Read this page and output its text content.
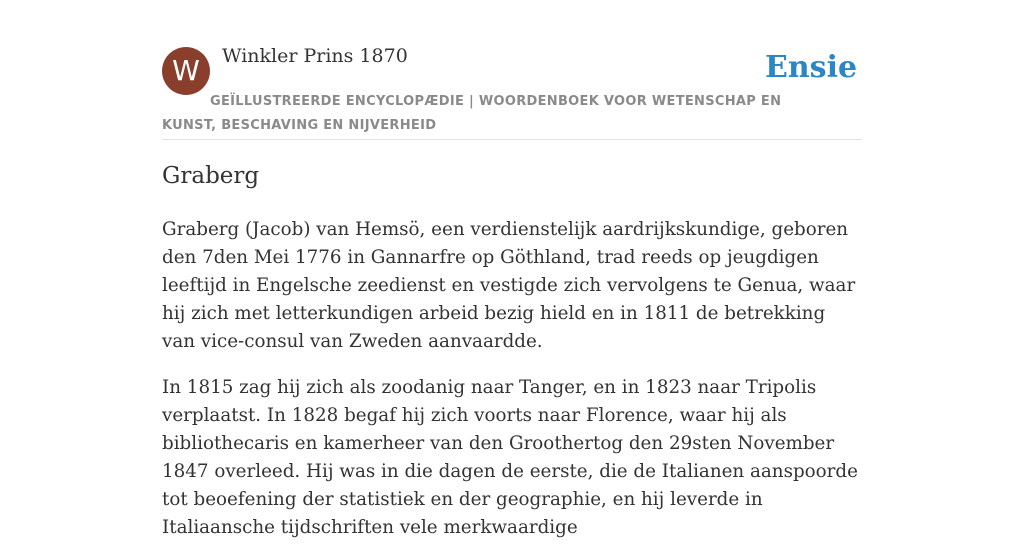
W	Winkler Prins 1870	Ensie
GEÏLLUSTREERDE ENCYCLOPÆDIE | WOORDENBOEK VOOR WETENSCHAP EN KUNST, BESCHAVING EN NIJVERHEID
Graberg

Graberg (Jacob) van Hemsö, een verdienstelijk aardrijkskundige, geboren den 7den Mei 1776 in Gannarfre op Göthland, trad reeds op jeugdigen leeftijd in Engelsche zeedienst en vestigde zich vervolgens te Genua, waar hij zich met letterkundigen arbeid bezig hield en in 1811 de betrekking van vice-consul van Zweden aanvaardde.

In 1815 zag hij zich als zoodanig naar Tanger, en in 1823 naar Tripolis verplaatst. In 1828 begaf hij zich voorts naar Florence, waar hij als bibliothecaris en kamerheer van den Groothertog den 29sten November 1847 overleed. Hij was in die dagen de eerste, die de Italianen aanspoorde tot beoefening der statistiek en der geographie, en hij leverde in Italiaansche tijdschriften vele merkwaardige
